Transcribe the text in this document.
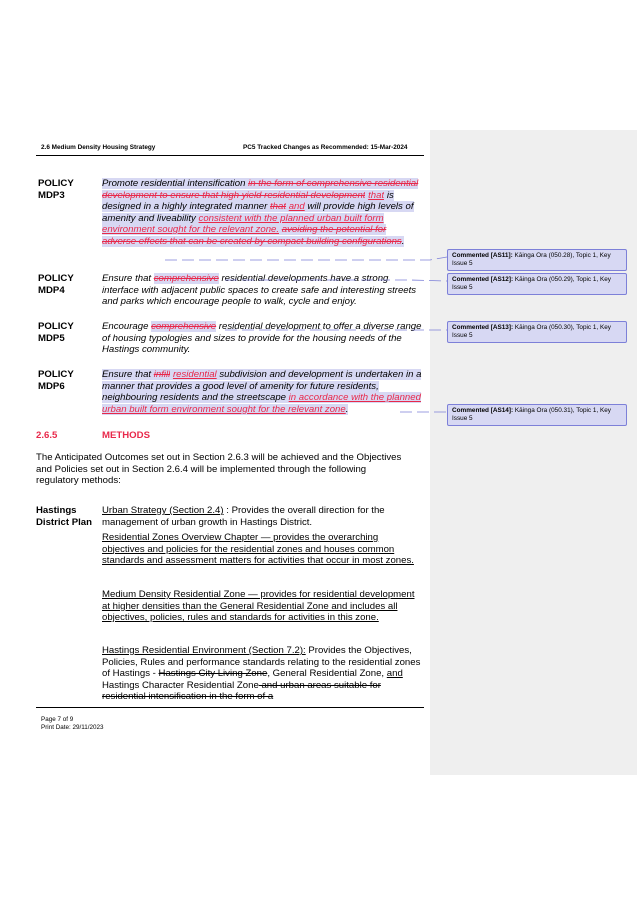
2.6 Medium Density Housing Strategy	PC5 Tracked Changes as Recommended: 15-Mar-2024
POLICY
MDP3

Promote residential intensification in the form of comprehensive residential development to ensure that high yield residential development that is designed in a highly integrated manner that and will provide high levels of amenity and liveability consistent with the planned urban built form environment sought for the relevant zone. avoiding the potential for adverse effects that can be created by compact building configurations.

POLICY
MDP4

Ensure that comprehensive residential developments have a strong interface with adjacent public spaces to create safe and interesting streets and parks which encourage people to walk, cycle and enjoy.

POLICY
MDP5

Encourage comprehensive residential development to offer a diverse range of housing typologies and sizes to provide for the housing needs of the Hastings community.

POLICY
MDP6

Ensure that infill residential subdivision and development is undertaken in a manner that provides a good level of amenity for future residents, neighbouring residents and the streetscape in accordance with the planned urban built form environment sought for the relevant zone.

2.6.5	METHODS

The Anticipated Outcomes set out in Section 2.6.3 will be achieved and the Objectives and Policies set out in Section 2.6.4 will be implemented through the following regulatory methods:

Hastings
District Plan

Urban Strategy (Section 2.4) : Provides the overall direction for the management of urban growth in Hastings District.

Residential Zones Overview Chapter — provides the overarching objectives and policies for the residential zones and houses common standards and assessment matters for activities that occur in most zones.

Medium Density Residential Zone — provides for residential development at higher densities than the General Residential Zone and includes all objectives, policies, rules and standards for activities in this zone.

Hastings Residential Environment (Section 7.2): Provides the Objectives, Policies, Rules and performance standards relating to the residential zones of Hastings - Hastings City Living Zone, General Residential Zone, and Hastings Character Residential Zone and urban areas suitable for residential intensification in the form of a

Page 7 of 9
Print Date: 29/11/2023
Commented [AS11]: Kāinga Ora (050.28), Topic 1, Key Issue 5
Commented [AS12]: Kāinga Ora (050.29), Topic 1, Key Issue 5
Commented [AS13]: Kāinga Ora (050.30), Topic 1, Key Issue 5
Commented [AS14]: Kāinga Ora (050.31), Topic 1, Key Issue 5
